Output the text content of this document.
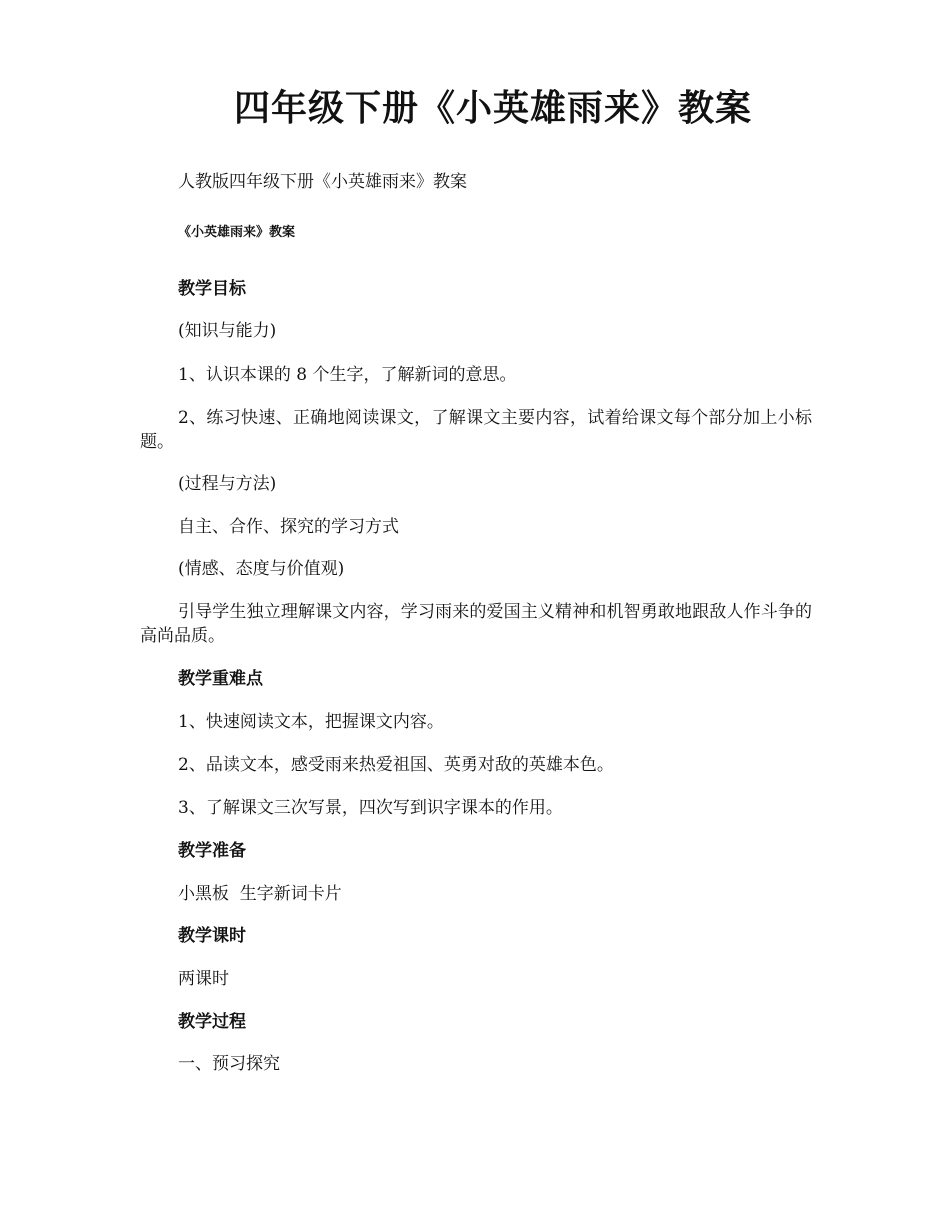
四年级下册《小英雄雨来》教案
人教版四年级下册《小英雄雨来》教案
《小英雄雨来》教案
教学目标
(知识与能力)
1、认识本课的 8 个生字，了解新词的意思。
2、练习快速、正确地阅读课文，了解课文主要内容，试着给课文每个部分加上小标题。
(过程与方法)
自主、合作、探究的学习方式
(情感、态度与价值观)
引导学生独立理解课文内容，学习雨来的爱国主义精神和机智勇敢地跟敌人作斗争的高尚品质。
教学重难点
1、快速阅读文本，把握课文内容。
2、品读文本，感受雨来热爱祖国、英勇对敌的英雄本色。
3、了解课文三次写景，四次写到识字课本的作用。
教学准备
小黑板  生字新词卡片
教学课时
两课时
教学过程
一、预习探究
